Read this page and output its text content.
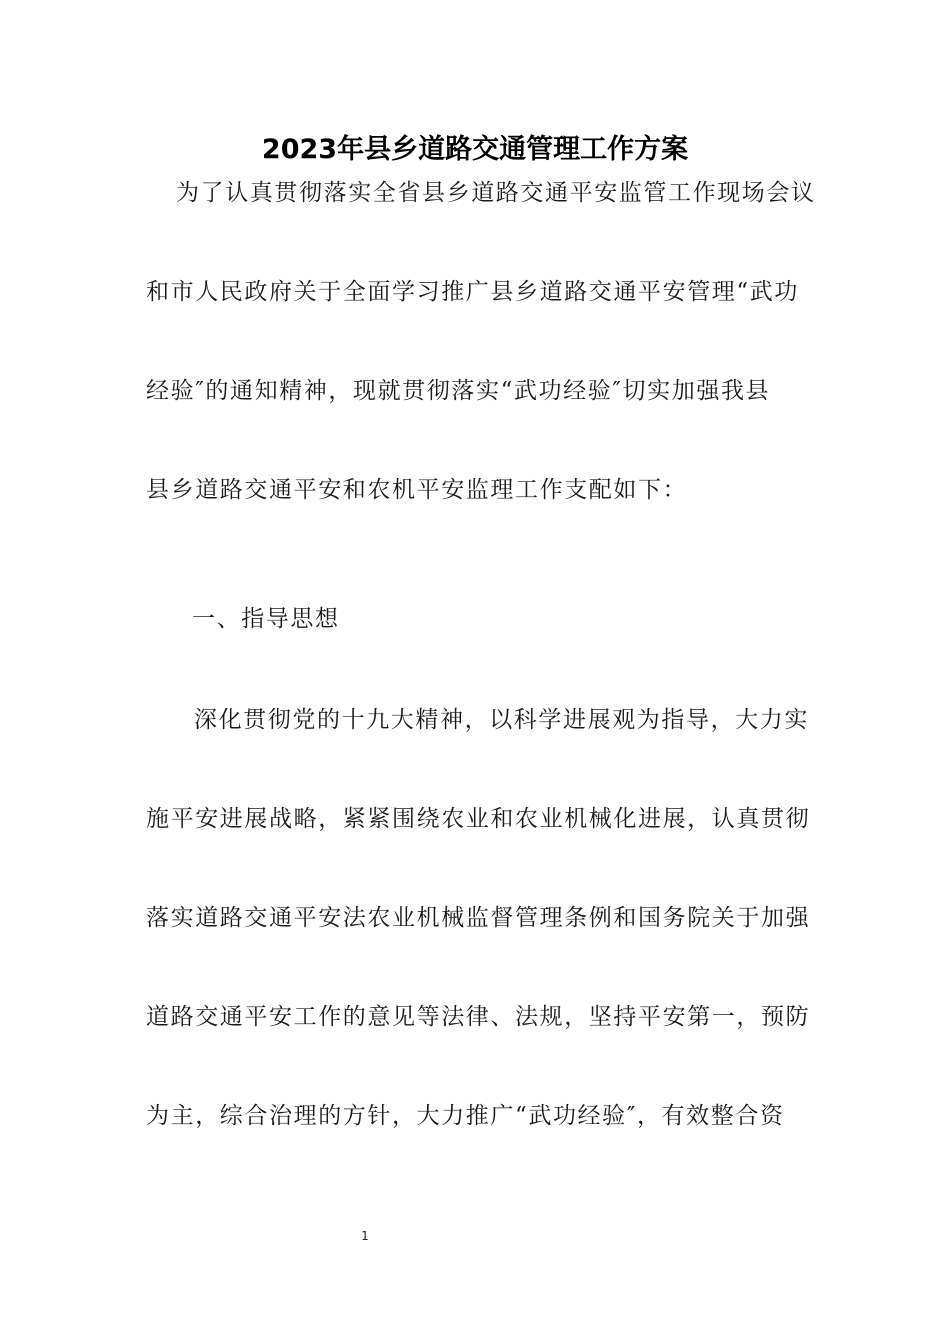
2023年县乡道路交通管理工作方案
为了认真贯彻落实全省县乡道路交通平安监管工作现场会议
和市人民政府关于全面学习推广县乡道路交通平安管理“武功
经验″的通知精神，现就贯彻落实“武功经验″切实加强我县
县乡道路交通平安和农机平安监理工作支配如下：
一、指导思想
深化贯彻党的十九大精神，以科学进展观为指导，大力实
施平安进展战略，紧紧围绕农业和农业机械化进展，认真贯彻
落实道路交通平安法农业机械监督管理条例和国务院关于加强
道路交通平安工作的意见等法律、法规，坚持平安第一，预防
为主，综合治理的方针，大力推广“武功经验″，有效整合资
1
